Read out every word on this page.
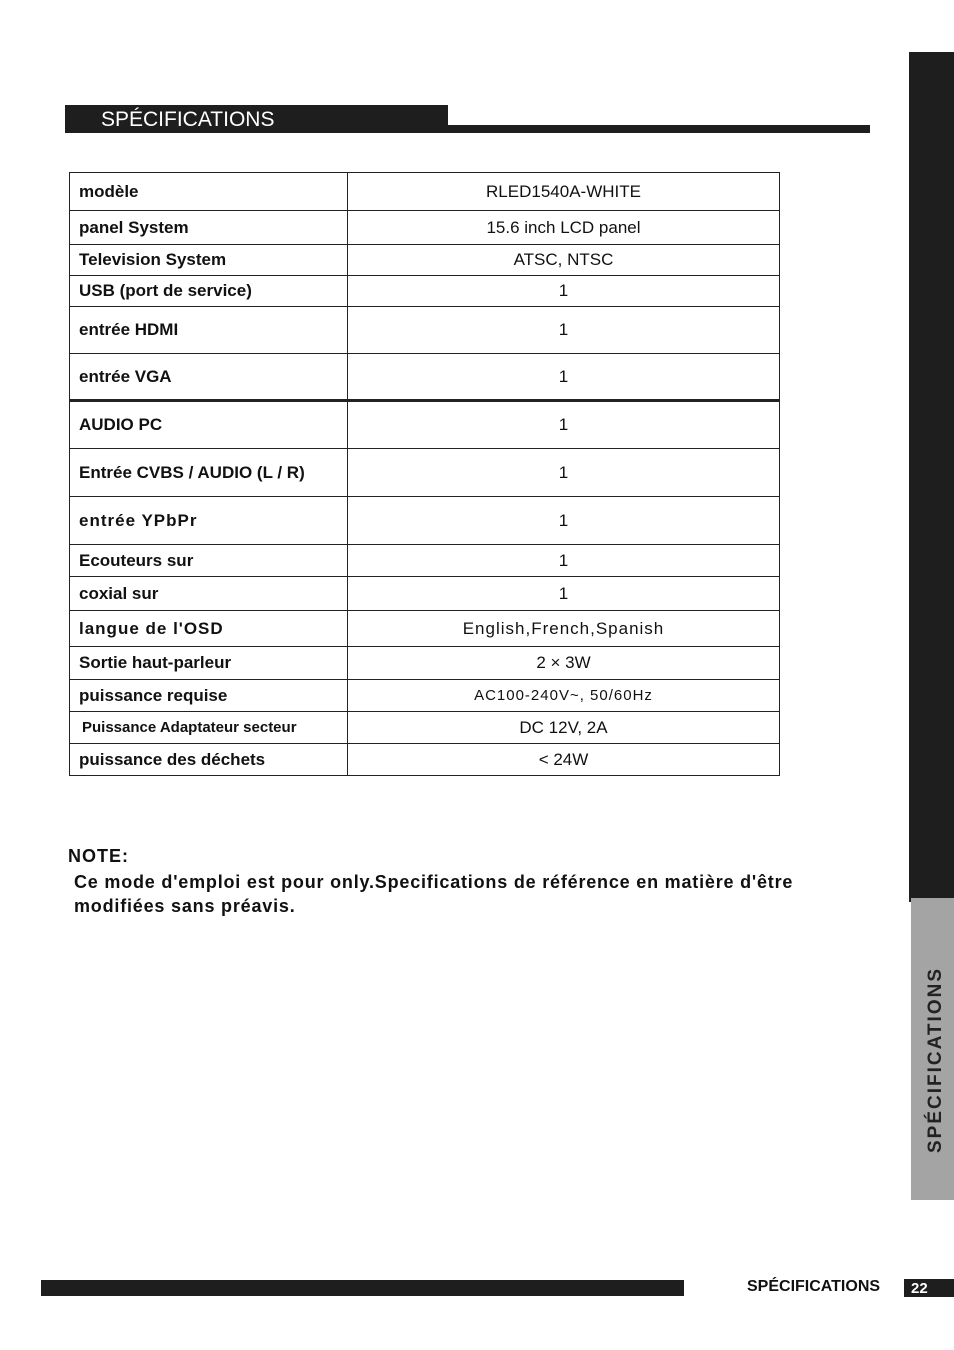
SPÉCIFICATIONS
SPÉCIFICATIONS
modèle	RLED1540A-WHITE
panel System	15.6 inch LCD panel
Television System	ATSC, NTSC
USB (port de service)	1
entrée HDMI	1
entrée VGA	1
AUDIO PC	1
Entrée CVBS / AUDIO (L / R)	1
entrée YPbPr	1
Ecouteurs sur	1
coxial sur	1
langue de l'OSD	English,French,Spanish
Sortie haut-parleur	2 × 3W
puissance requise	AC100-240V~, 50/60Hz
Puissance Adaptateur secteur	DC 12V, 2A
puissance des déchets	< 24W
NOTE:
Ce mode d'emploi est pour only.Specifications de référence en matière d'être modifiées sans préavis.
SPÉCIFICATIONS	22
